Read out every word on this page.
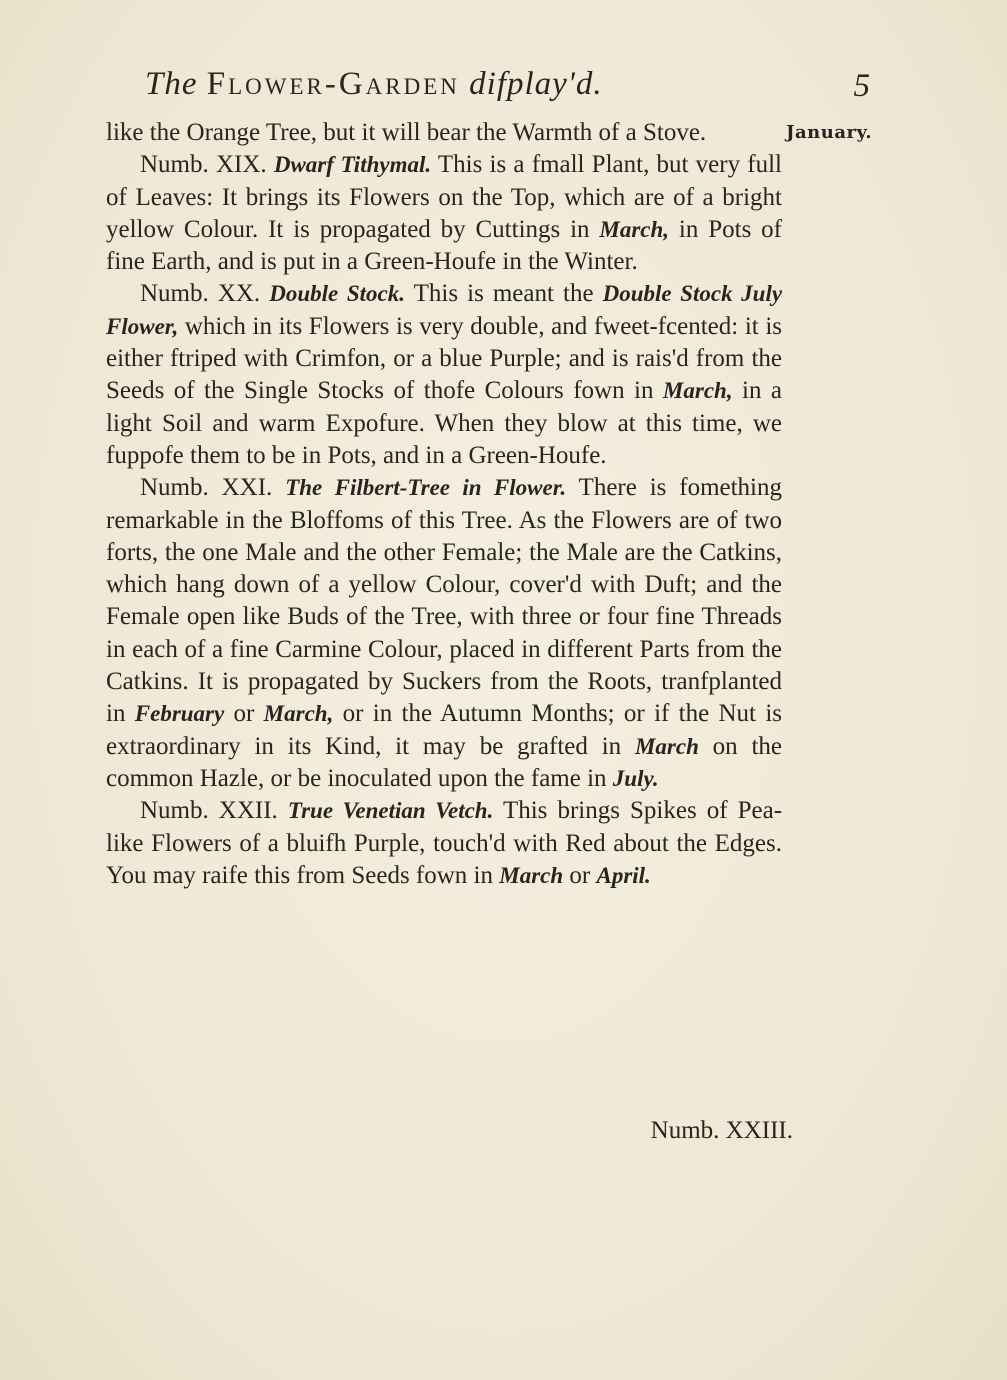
The Flower-Garden difplay'd.	5
January.

like the Orange Tree, but it will bear the Warmth of a Stove.

Numb. XIX. Dwarf Tithymal. This is a fmall Plant, but very full of Leaves: It brings its Flowers on the Top, which are of a bright yellow Colour. It is propagated by Cuttings in March, in Pots of fine Earth, and is put in a Green-Houfe in the Winter.

Numb. XX. Double Stock. This is meant the Double Stock July Flower, which in its Flowers is very double, and fweet-fcented: it is either ftriped with Crimfon, or a blue Purple; and is rais'd from the Seeds of the Single Stocks of thofe Colours fown in March, in a light Soil and warm Expofure. When they blow at this time, we fuppofe them to be in Pots, and in a Green-Houfe.

Numb. XXI. The Filbert-Tree in Flower. There is fomething remarkable in the Bloffoms of this Tree. As the Flowers are of two forts, the one Male and the other Female; the Male are the Catkins, which hang down of a yellow Colour, cover'd with Duft; and the Female open like Buds of the Tree, with three or four fine Threads in each of a fine Carmine Colour, placed in different Parts from the Catkins. It is propagated by Suckers from the Roots, tranfplanted in February or March, or in the Autumn Months; or if the Nut is extraordinary in its Kind, it may be grafted in March on the common Hazle, or be inoculated upon the fame in July.

Numb. XXII. True Venetian Vetch. This brings Spikes of Pea-like Flowers of a bluifh Purple, touch'd with Red about the Edges. You may raife this from Seeds fown in March or April.

Numb. XXIII.
